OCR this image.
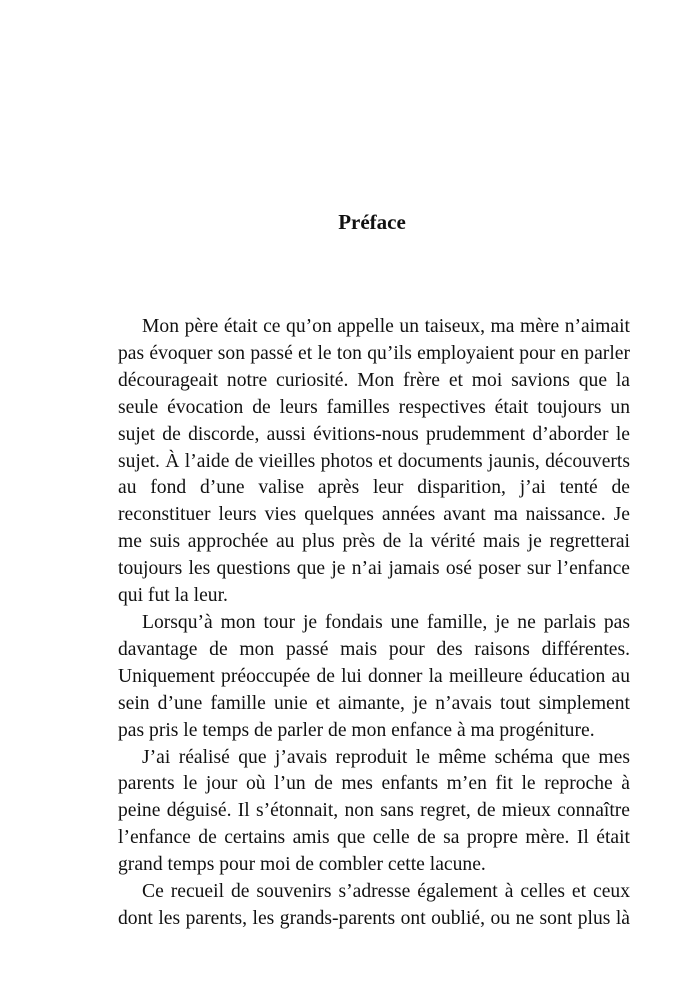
Préface

Mon père était ce qu’on appelle un taiseux, ma mère n’aimait pas évoquer son passé et le ton qu’ils employaient pour en parler décourageait notre curiosité. Mon frère et moi savions que la seule évocation de leurs familles respectives était toujours un sujet de discorde, aussi évitions-nous prudemment d’aborder le sujet. À l’aide de vieilles photos et documents jaunis, découverts au fond d’une valise après leur disparition, j’ai tenté de reconstituer leurs vies quelques années avant ma naissance. Je me suis approchée au plus près de la vérité mais je regretterai toujours les questions que je n’ai jamais osé poser sur l’enfance qui fut la leur.

Lorsqu’à mon tour je fondais une famille, je ne parlais pas davantage de mon passé mais pour des raisons différentes. Uniquement préoccupée de lui donner la meilleure éducation au sein d’une famille unie et aimante, je n’avais tout simplement pas pris le temps de parler de mon enfance à ma progéniture.

J’ai réalisé que j’avais reproduit le même schéma que mes parents le jour où l’un de mes enfants m’en fit le reproche à peine déguisé. Il s’étonnait, non sans regret, de mieux connaître l’enfance de certains amis que celle de sa propre mère. Il était grand temps pour moi de combler cette lacune.

Ce recueil de souvenirs s’adresse également à celles et ceux dont les parents, les grands-parents ont oublié, ou ne sont plus là
